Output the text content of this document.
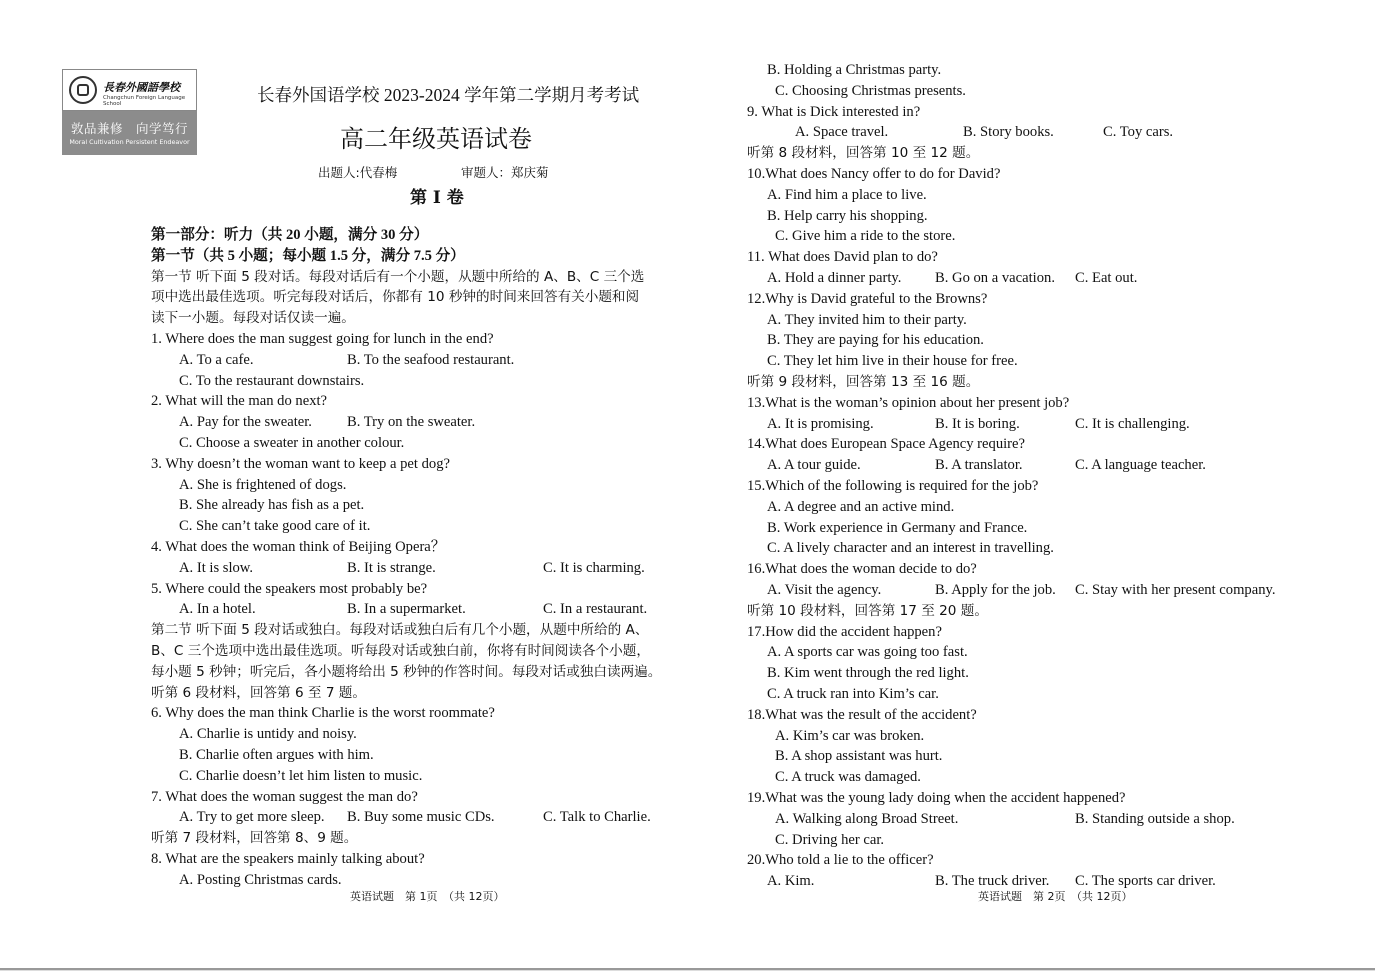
長春外國語學校
Changchun Foreign Language School
敦品兼修　向学笃行
Moral Cultivation Persistent Endeavor
长春外国语学校 2023-2024 学年第二学期月考考试
高二年级英语试卷
出题人:代春梅	审题人：郑庆菊
第 I 卷
第一部分：听力（共 20 小题，满分 30 分）
第一节（共 5 小题；每小题 1.5 分，满分 7.5 分）
第一节 听下面 5 段对话。每段对话后有一个小题，从题中所给的 A、B、C 三个选
项中选出最佳选项。听完每段对话后，你都有 10 秒钟的时间来回答有关小题和阅
读下一小题。每段对话仅读一遍。
1. Where does the man suggest going for lunch in the end?
A. To a cafe.	B. To the seafood restaurant.
C. To the restaurant downstairs.
2. What will the man do next?
A. Pay for the sweater. B. Try on the sweater.
C. Choose a sweater in another colour.
3. Why doesn’t the woman want to keep a pet dog?
A. She is frightened of dogs.
B. She already has fish as a pet.
C. She can’t take good care of it.
4. What does the woman think of Beijing Opera？
A. It is slow.	B. It is strange.	C. It is charming.
5. Where could the speakers most probably be?
A. In a hotel.	B. In a supermarket.	C. In a restaurant.
第二节 听下面 5 段对话或独白。每段对话或独白后有几个小题，从题中所给的 A、
B、C 三个选项中选出最佳选项。听每段对话或独白前，你将有时间阅读各个小题，
每小题 5 秒钟；听完后，各小题将给出 5 秒钟的作答时间。每段对话或独白读两遍。
听第 6 段材料，回答第 6 至 7 题。
6. Why does the man think Charlie is the worst roommate?
A. Charlie is untidy and noisy.
B. Charlie often argues with him.
C. Charlie doesn’t let him listen to music.
7. What does the woman suggest the man do?
A. Try to get more sleep. B. Buy some music CDs.	C. Talk to Charlie.
听第 7 段材料，回答第 8、9 题。
8. What are the speakers mainly talking about?
A. Posting Christmas cards.
B. Holding a Christmas party.
C. Choosing Christmas presents.
9. What is Dick interested in?
A. Space travel.	B. Story books.	C. Toy cars.
听第 8 段材料，回答第 10 至 12 题。
10.What does Nancy offer to do for David?
A. Find him a place to live.
B. Help carry his shopping.
C. Give him a ride to the store.
11. What does David plan to do?
A. Hold a dinner party. B. Go on a vacation. C. Eat out.
12.Why is David grateful to the Browns?
A. They invited him to their party.
B. They are paying for his education.
C. They let him live in their house for free.
听第 9 段材料，回答第 13 至 16 题。
13.What is the woman’s opinion about her present job?
A. It is promising.	B. It is boring.	C. It is challenging.
14.What does European Space Agency require?
A. A tour guide.	B. A translator.	C. A language teacher.
15.Which of the following is required for the job?
A. A degree and an active mind.
B. Work experience in Germany and France.
C. A lively character and an interest in travelling.
16.What does the woman decide to do?
A. Visit the agency.	B. Apply for the job. C. Stay with her present company.
听第 10 段材料，回答第 17 至 20 题。
17.How did the accident happen?
A. A sports car was going too fast.
B. Kim went through the red light.
C. A truck ran into Kim’s car.
18.What was the result of the accident?
A. Kim’s car was broken.
B. A shop assistant was hurt.
C. A truck was damaged.
19.What was the young lady doing when the accident happened?
A. Walking along Broad Street.	B. Standing outside a shop.
C. Driving her car.
20.Who told a lie to the officer?
A. Kim.	B. The truck driver. C. The sports car driver.
英语试题　第 1页　（共 12页）	英语试题　第 2页　（共 12页）
